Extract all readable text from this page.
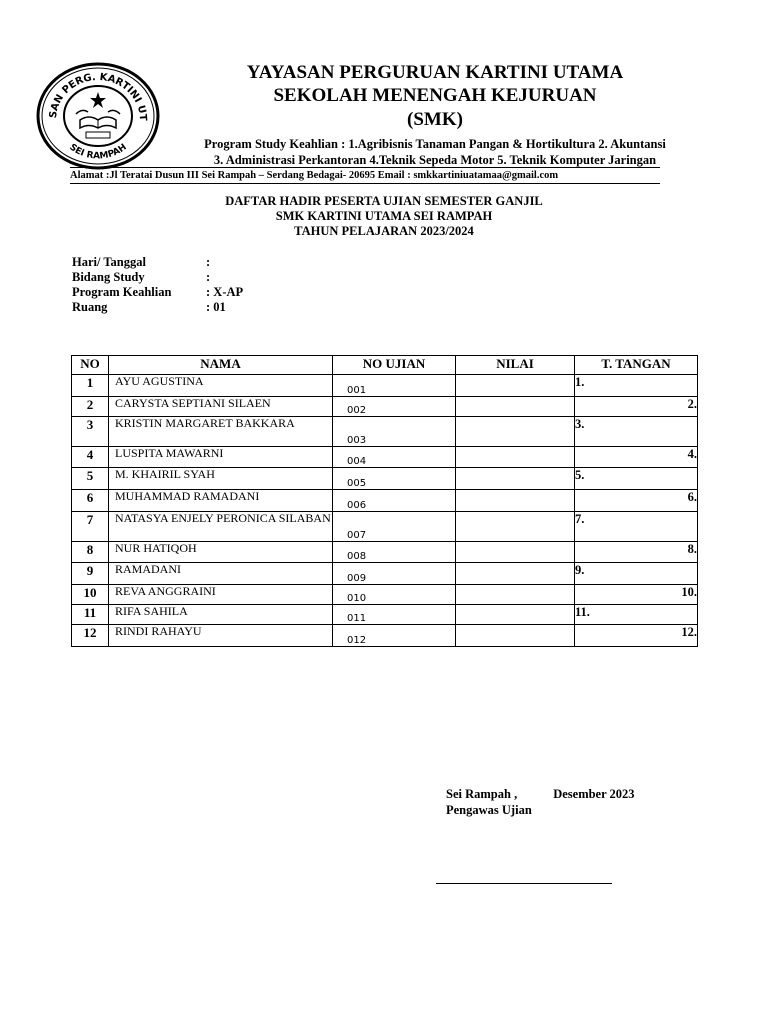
SAN PERG. KARTINI UT
SEI RAMPAH
YAYASAN PERGURUAN KARTINI UTAMA
SEKOLAH MENENGAH KEJURUAN
(SMK)
Program Study Keahlian : 1.Agribisnis Tanaman Pangan & Hortikultura 2. Akuntansi
3. Administrasi Perkantoran 4.Teknik Sepeda Motor 5. Teknik Komputer Jaringan
Alamat :Jl Teratai Dusun III Sei Rampah – Serdang Bedagai- 20695 Email : smkkartiniuatamaa@gmail.com
DAFTAR HADIR PESERTA UJIAN SEMESTER GANJIL
SMK KARTINI UTAMA SEI RAMPAH
TAHUN PELAJARAN 2023/2024
Hari/ Tanggal	:
Bidang Study	:
Program Keahlian	: X-AP
Ruang	: 01
NO	NAMA	NO UJIAN	NILAI	T. TANGAN
1	AYU AGUSTINA	001		1.
2	CARYSTA SEPTIANI SILAEN	002		2.
3	KRISTIN MARGARET BAKKARA	003		3.
4	LUSPITA MAWARNI	004		4.
5	M. KHAIRIL SYAH	005		5.
6	MUHAMMAD RAMADANI	006		6.
7	NATASYA ENJELY PERONICA SILABAN	007		7.
8	NUR HATIQOH	008		8.
9	RAMADANI	009		9.
10	REVA ANGGRAINI	010		10.
11	RIFA SAHILA	011		11.
12	RINDI RAHAYU	012		12.
Sei Rampah ,	Desember 2023
Pengawas Ujian
